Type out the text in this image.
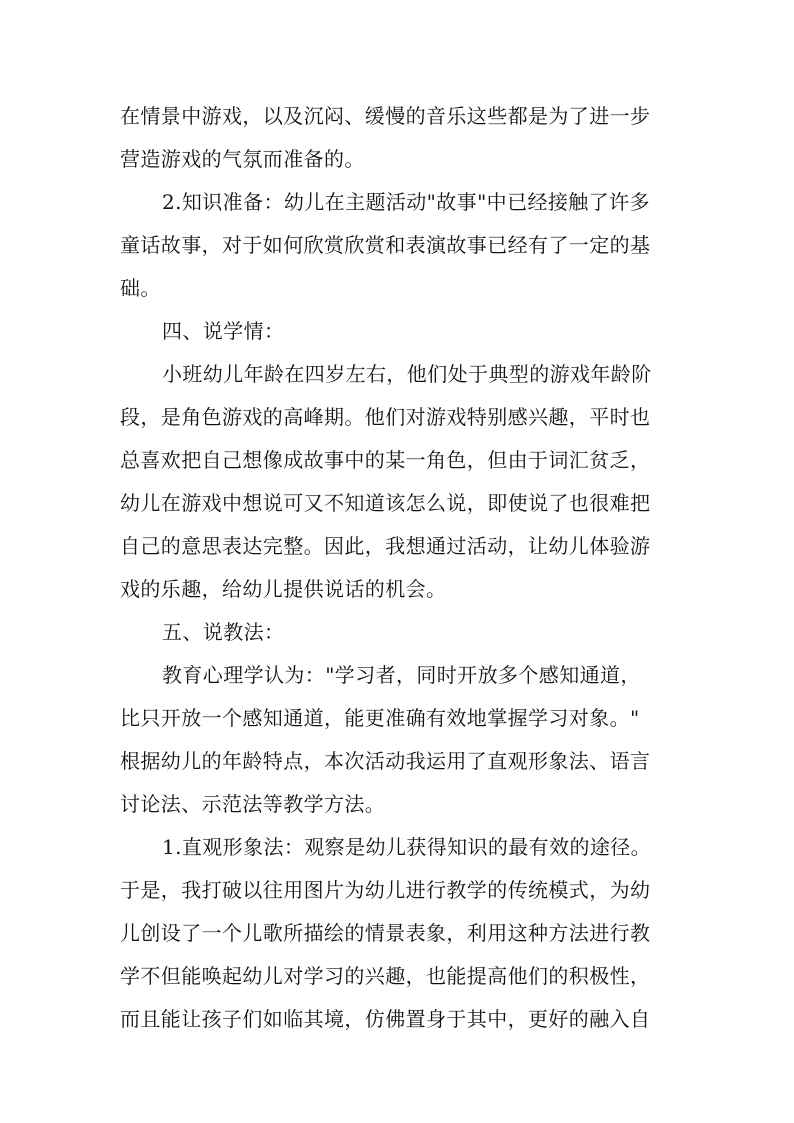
在情景中游戏，以及沉闷、缓慢的音乐这些都是为了进一步
营造游戏的气氛而准备的。
2.知识准备：幼儿在主题活动"故事"中已经接触了许多
童话故事，对于如何欣赏欣赏和表演故事已经有了一定的基
础。
四、说学情：
小班幼儿年龄在四岁左右，他们处于典型的游戏年龄阶
段，是角色游戏的高峰期。他们对游戏特别感兴趣，平时也
总喜欢把自己想像成故事中的某一角色，但由于词汇贫乏，
幼儿在游戏中想说可又不知道该怎么说，即使说了也很难把
自己的意思表达完整。因此，我想通过活动，让幼儿体验游
戏的乐趣，给幼儿提供说话的机会。
五、说教法：
教育心理学认为："学习者，同时开放多个感知通道，
比只开放一个感知通道，能更准确有效地掌握学习对象。"
根据幼儿的年龄特点，本次活动我运用了直观形象法、语言
讨论法、示范法等教学方法。
1.直观形象法：观察是幼儿获得知识的最有效的途径。
于是，我打破以往用图片为幼儿进行教学的传统模式，为幼
儿创设了一个儿歌所描绘的情景表象，利用这种方法进行教
学不但能唤起幼儿对学习的兴趣，也能提高他们的积极性，
而且能让孩子们如临其境，仿佛置身于其中，更好的融入自
